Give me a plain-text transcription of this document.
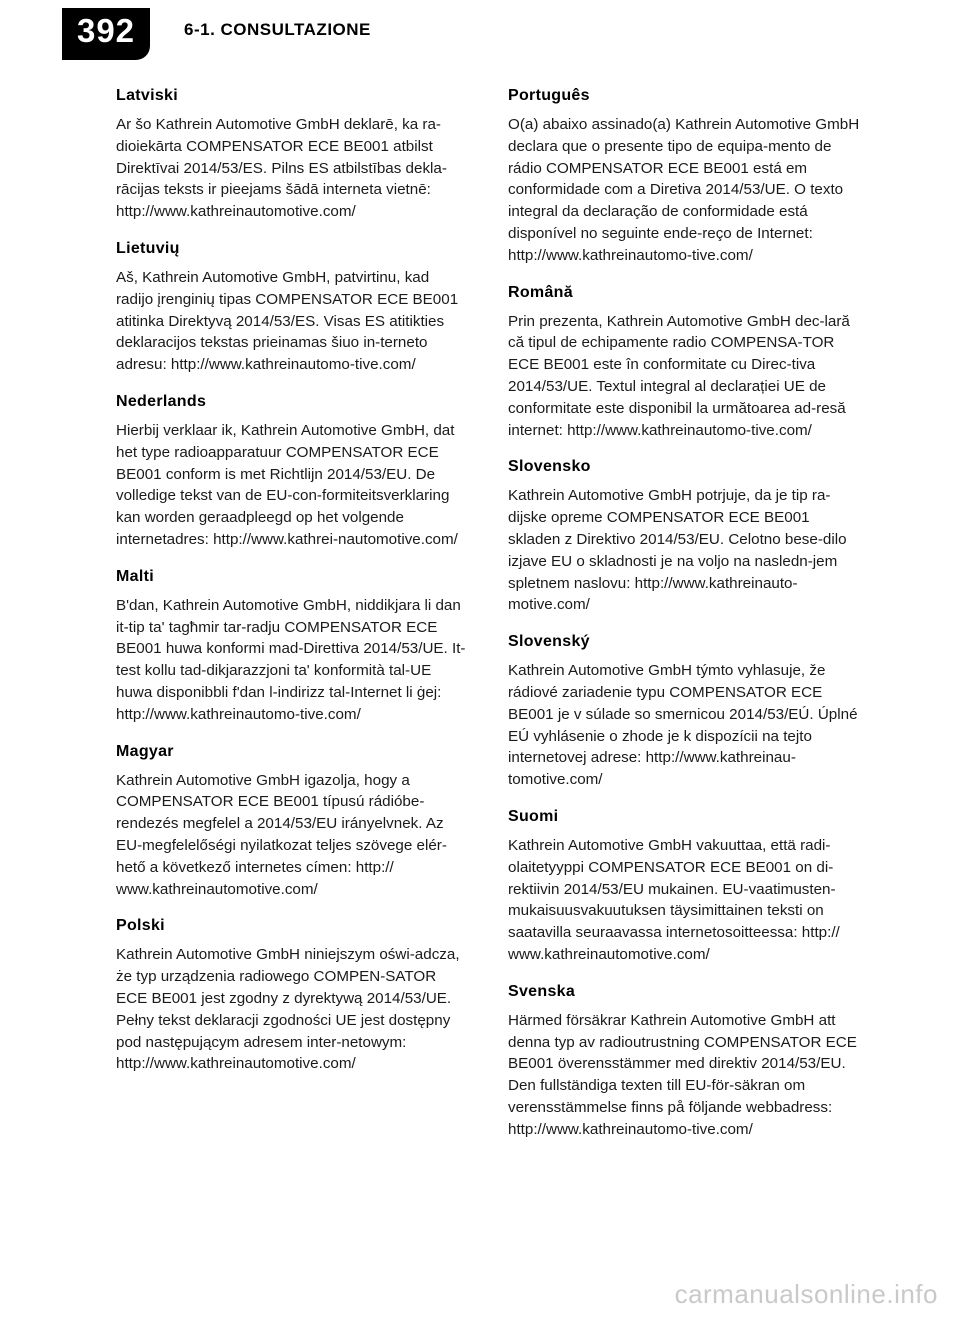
392	6-1. CONSULTAZIONE

Latviski

Ar šo Kathrein Automotive GmbH deklarē, ka ra-dioiekārta COMPENSATOR ECE BE001 atbilst Direktīvai 2014/53/ES. Pilns ES atbilstības dekla-rācijas teksts ir pieejams šādā interneta vietnē: http://www.kathreinautomotive.com/

Lietuvių

Aš, Kathrein Automotive GmbH, patvirtinu, kad radijo įrenginių tipas COMPENSATOR ECE BE001 atitinka Direktyvą 2014/53/ES. Visas ES atitikties deklaracijos tekstas prieinamas šiuo in-terneto adresu: http://www.kathreinautomo-tive.com/

Nederlands

Hierbij verklaar ik, Kathrein Automotive GmbH, dat het type radioapparatuur COMPENSATOR ECE BE001 conform is met Richtlijn 2014/53/EU. De volledige tekst van de EU-con-formiteitsverklaring kan worden geraadpleegd op het volgende internetadres: http://www.kathrei-nautomotive.com/

Malti

B'dan, Kathrein Automotive GmbH, niddikjara li dan it-tip ta' tagħmir tar-radju COMPENSATOR ECE BE001 huwa konformi mad-Direttiva 2014/53/UE. It-test kollu tad-dikjarazzjoni ta' konformità tal-UE huwa disponibbli f'dan l-indirizz tal-Internet li ġej: http://www.kathreinautomo-tive.com/

Magyar

Kathrein Automotive GmbH igazolja, hogy a COMPENSATOR ECE BE001 típusú rádióbe-rendezés megfelel a 2014/53/EU irányelvnek. Az EU-megfelelőségi nyilatkozat teljes szövege elér-hető a következő internetes címen: http:// www.kathreinautomotive.com/

Polski

Kathrein Automotive GmbH niniejszym oświ-adcza, że typ urządzenia radiowego COMPEN-SATOR ECE BE001 jest zgodny z dyrektywą 2014/53/UE. Pełny tekst deklaracji zgodności UE jest dostępny pod następującym adresem inter-netowym: http://www.kathreinautomotive.com/

Português

O(a) abaixo assinado(a) Kathrein Automotive GmbH declara que o presente tipo de equipa-mento de rádio COMPENSATOR ECE BE001 está em conformidade com a Diretiva 2014/53/UE. O texto integral da declaração de conformidade está disponível no seguinte ende-reço de Internet: http://www.kathreinautomo-tive.com/

Română

Prin prezenta, Kathrein Automotive GmbH dec-lară că tipul de echipamente radio COMPENSA-TOR ECE BE001 este în conformitate cu Direc-tiva 2014/53/UE. Textul integral al declarației UE de conformitate este disponibil la următoarea ad-resă internet: http://www.kathreinautomo-tive.com/

Slovensko

Kathrein Automotive GmbH potrjuje, da je tip ra-dijske opreme COMPENSATOR ECE BE001 skladen z Direktivo 2014/53/EU. Celotno bese-dilo izjave EU o skladnosti je na voljo na nasledn-jem spletnem naslovu: http://www.kathreinauto-motive.com/

Slovenský

Kathrein Automotive GmbH týmto vyhlasuje, že rádiové zariadenie typu COMPENSATOR ECE BE001 je v súlade so smernicou 2014/53/EÚ. Úplné EÚ vyhlásenie o zhode je k dispozícii na tejto internetovej adrese: http://www.kathreinau-tomotive.com/

Suomi

Kathrein Automotive GmbH vakuuttaa, että radi-olaitetyyppi COMPENSATOR ECE BE001 on di-rektiivin 2014/53/EU mukainen. EU-vaatimusten-mukaisuusvakuutuksen täysimittainen teksti on saatavilla seuraavassa internetosoitteessa: http:// www.kathreinautomotive.com/

Svenska

Härmed försäkrar Kathrein Automotive GmbH att denna typ av radioutrustning COMPENSATOR ECE BE001 överensstämmer med direktiv 2014/53/EU. Den fullständiga texten till EU-för-säkran om verensstämmelse finns på följande webbadress: http://www.kathreinautomo-tive.com/

carmanualsonline.info
